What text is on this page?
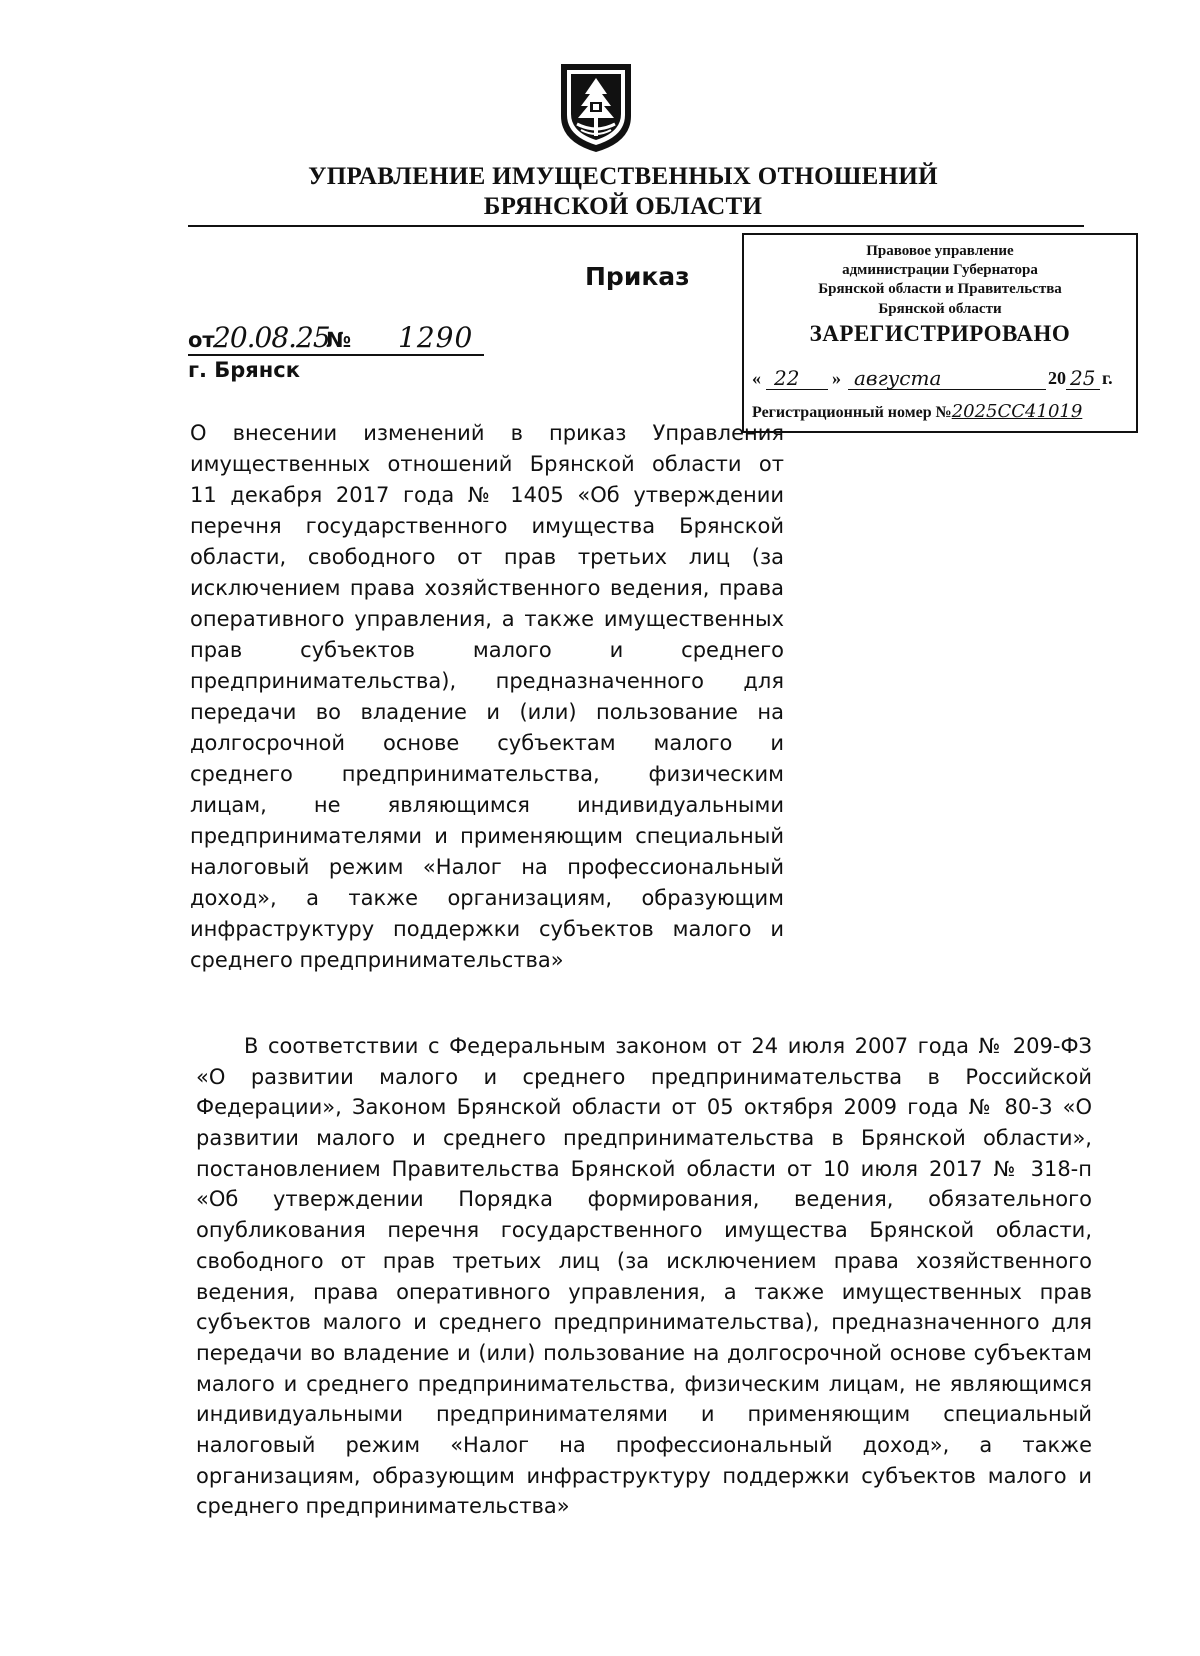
УПРАВЛЕНИЕ ИМУЩЕСТВЕННЫХ ОТНОШЕНИЙ
БРЯНСКОЙ ОБЛАСТИ
Приказ
от
20.08.25
№ 1290
г. Брянск
Правовое управление
администрации Губернатора
Брянской области и Правительства
Брянской области
ЗАРЕГИСТРИРОВАНО
« 22 » августа	20 25 г.
Регистрационный номер №2025СС41019
О внесении изменений в приказ Управления
имущественных отношений Брянской области от
11 декабря 2017 года № 1405 «Об утверждении
перечня государственного имущества Брянской
области, свободного от прав третьих лиц (за
исключением права хозяйственного ведения, права
оперативного управления, а также имущественных
прав субъектов малого и среднего
предпринимательства), предназначенного для
передачи во владение и (или) пользование на
долгосрочной основе субъектам малого и
среднего предпринимательства, физическим
лицам, не являющимся индивидуальными
предпринимателями и применяющим специальный
налоговый режим «Налог на профессиональный
доход», а также организациям, образующим
инфраструктуру поддержки субъектов малого и
среднего предпринимательства»
В соответствии с Федеральным законом от 24 июля 2007 года № 209-ФЗ
«О развитии малого и среднего предпринимательства в Российской
Федерации», Законом Брянской области от 05 октября 2009 года № 80-З «О
развитии малого и среднего предпринимательства в Брянской области»,
постановлением Правительства Брянской области от 10 июля 2017 № 318-п
«Об утверждении Порядка формирования, ведения, обязательного
опубликования перечня государственного имущества Брянской области,
свободного от прав третьих лиц (за исключением права хозяйственного
ведения, права оперативного управления, а также имущественных прав
субъектов малого и среднего предпринимательства), предназначенного для
передачи во владение и (или) пользование на долгосрочной основе субъектам
малого и среднего предпринимательства, физическим лицам, не являющимся
индивидуальными предпринимателями и применяющим специальный
налоговый режим «Налог на профессиональный доход», а также
организациям, образующим инфраструктуру поддержки субъектов малого и
среднего предпринимательства»
